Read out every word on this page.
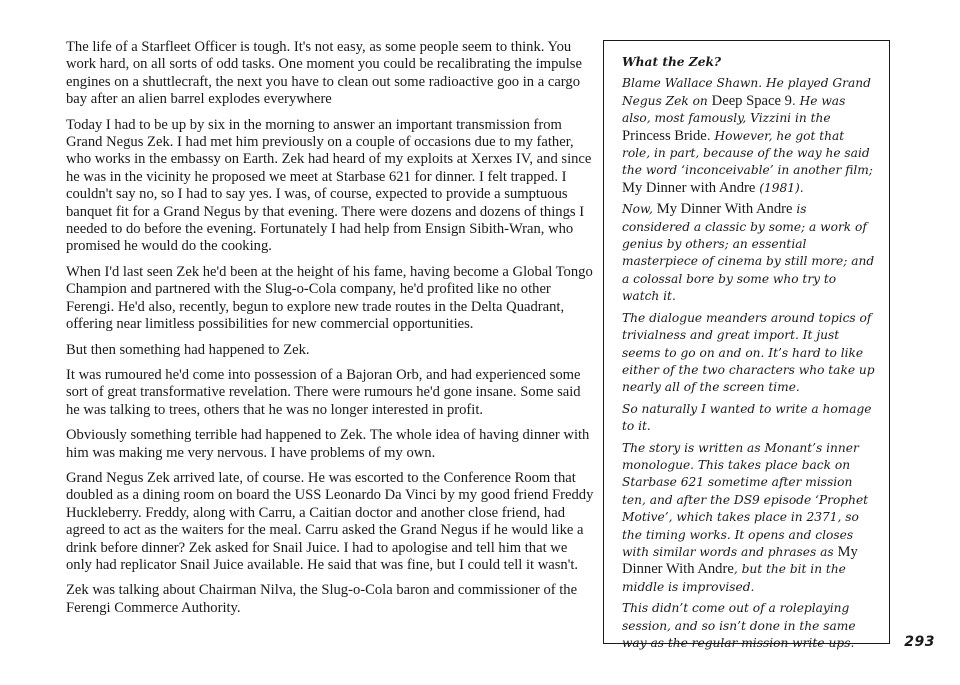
The life of a Starfleet Officer is tough. It's not easy, as some people seem to think. You work hard, on all sorts of odd tasks. One moment you could be recalibrating the impulse engines on a shuttlecraft, the next you have to clean out some radioactive goo in a cargo bay after an alien barrel explodes everywhere

Today I had to be up by six in the morning to answer an important transmission from Grand Negus Zek. I had met him previously on a couple of occasions due to my father, who works in the embassy on Earth. Zek had heard of my exploits at Xerxes IV, and since he was in the vicinity he proposed we meet at Starbase 621 for dinner. I felt trapped. I couldn't say no, so I had to say yes. I was, of course, expected to provide a sumptuous banquet fit for a Grand Negus by that evening. There were dozens and dozens of things I needed to do before the evening. Fortunately I had help from Ensign Sibith-Wran, who promised he would do the cooking.

When I'd last seen Zek he'd been at the height of his fame, having become a Global Tongo Champion and partnered with the Slug-o-Cola company, he'd profited like no other Ferengi. He'd also, recently, begun to explore new trade routes in the Delta Quadrant, offering near limitless possibilities for new commercial opportunities.

But then something had happened to Zek.

It was rumoured he'd come into possession of a Bajoran Orb, and had experienced some sort of great transformative revelation. There were rumours he'd gone insane. Some said he was talking to trees, others that he was no longer interested in profit.

Obviously something terrible had happened to Zek. The whole idea of having dinner with him was making me very nervous. I have problems of my own.

Grand Negus Zek arrived late, of course. He was escorted to the Conference Room that doubled as a dining room on board the USS Leonardo Da Vinci by my good friend Freddy Huckleberry. Freddy, along with Carru, a Caitian doctor and another close friend, had agreed to act as the waiters for the meal. Carru asked the Grand Negus if he would like a drink before dinner? Zek asked for Snail Juice. I had to apologise and tell him that we only had replicator Snail Juice available. He said that was fine, but I could tell it wasn't.

Zek was talking about Chairman Nilva, the Slug-o-Cola baron and commissioner of the Ferengi Commerce Authority.

What the Zek?

Blame Wallace Shawn. He played Grand Negus Zek on Deep Space 9. He was also, most famously, Vizzini in the Princess Bride. However, he got that role, in part, because of the way he said the word ‘inconceivable’ in another film; My Dinner with Andre (1981).

Now, My Dinner With Andre is considered a classic by some; a work of genius by others; an essential masterpiece of cinema by still more; and a colossal bore by some who try to watch it.

The dialogue meanders around topics of trivialness and great import. It just seems to go on and on. It’s hard to like either of the two characters who take up nearly all of the screen time.

So naturally I wanted to write a homage to it.

The story is written as Monant’s inner monologue. This takes place back on Starbase 621 sometime after mission ten, and after the DS9 episode ‘Prophet Motive’, which takes place in 2371, so the timing works. It opens and closes with similar words and phrases as My Dinner With Andre, but the bit in the middle is improvised.

This didn’t come out of a roleplaying session, and so isn’t done in the same way as the regular mission write-ups.	293
